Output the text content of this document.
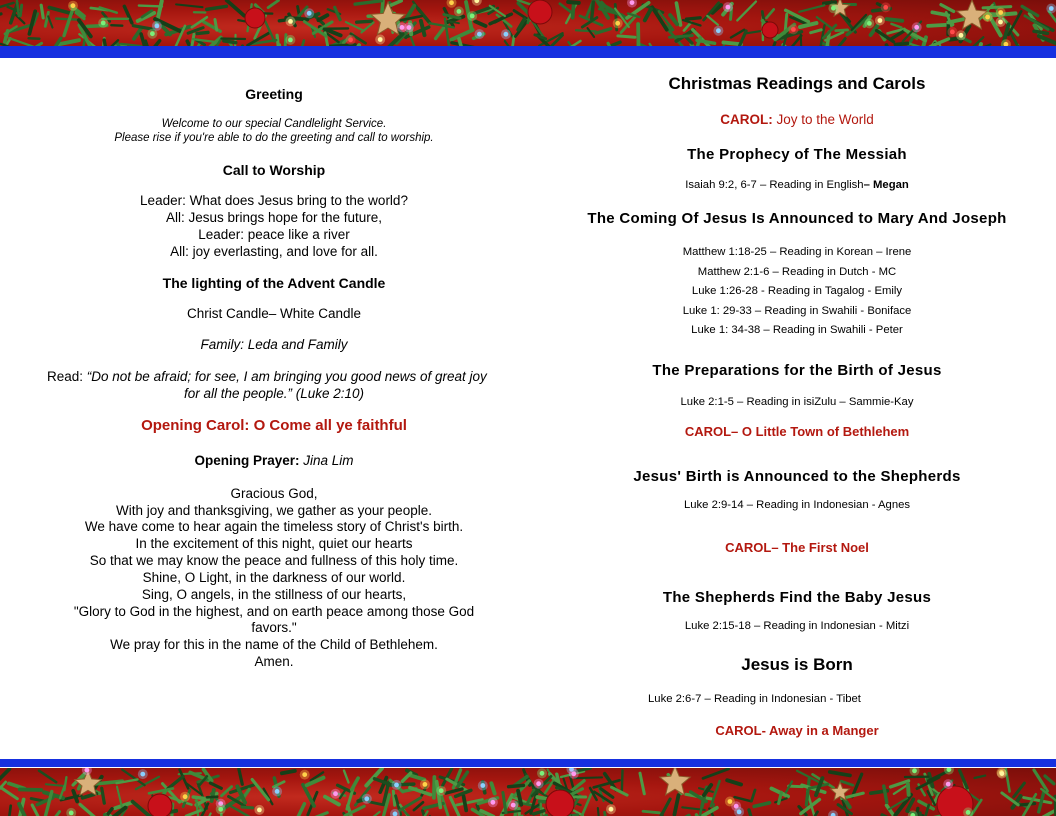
Greeting
Welcome to our special Candlelight Service.
Please rise if you're able to do the greeting and call to worship.
Call to Worship
Leader: What does Jesus bring to the world?
All: Jesus brings hope for the future,
Leader: peace like a river
All: joy everlasting, and love for all.
The lighting of the Advent Candle
Christ Candle– White Candle
Family: Leda and Family
Read: “Do not be afraid; for see, I am bringing you good news of great joy
for all the people.” (Luke 2:10)
Opening Carol: O Come all ye faithful
Opening Prayer: Jina Lim
Gracious God,
With joy and thanksgiving, we gather as your people.
We have come to hear again the timeless story of Christ's birth.
In the excitement of this night, quiet our hearts
So that we may know the peace and fullness of this holy time.
Shine, O Light, in the darkness of our world.
Sing, O angels, in the stillness of our hearts,
"Glory to God in the highest, and on earth peace among those God
favors."
We pray for this in the name of the Child of Bethlehem.
Amen.
Christmas Readings and Carols
CAROL: Joy to the World
The Prophecy of The Messiah
Isaiah 9:2, 6-7 – Reading in English– Megan
The Coming Of Jesus Is Announced to Mary And Joseph
Matthew 1:18-25 – Reading in Korean – Irene
Matthew 2:1-6 – Reading in Dutch - MC
Luke 1:26-28 - Reading in Tagalog - Emily
Luke 1: 29-33 – Reading in Swahili - Boniface
Luke 1: 34-38 – Reading in Swahili - Peter
The Preparations for the Birth of Jesus
Luke 2:1-5 – Reading in isiZulu – Sammie-Kay
CAROL– O Little Town of Bethlehem
Jesus' Birth is Announced to the Shepherds
Luke 2:9-14 – Reading in Indonesian - Agnes
CAROL– The First Noel
The Shepherds Find the Baby Jesus
Luke 2:15-18 – Reading in Indonesian - Mitzi
Jesus is Born
Luke 2:6-7 – Reading in Indonesian - Tibet
CAROL- Away in a Manger
